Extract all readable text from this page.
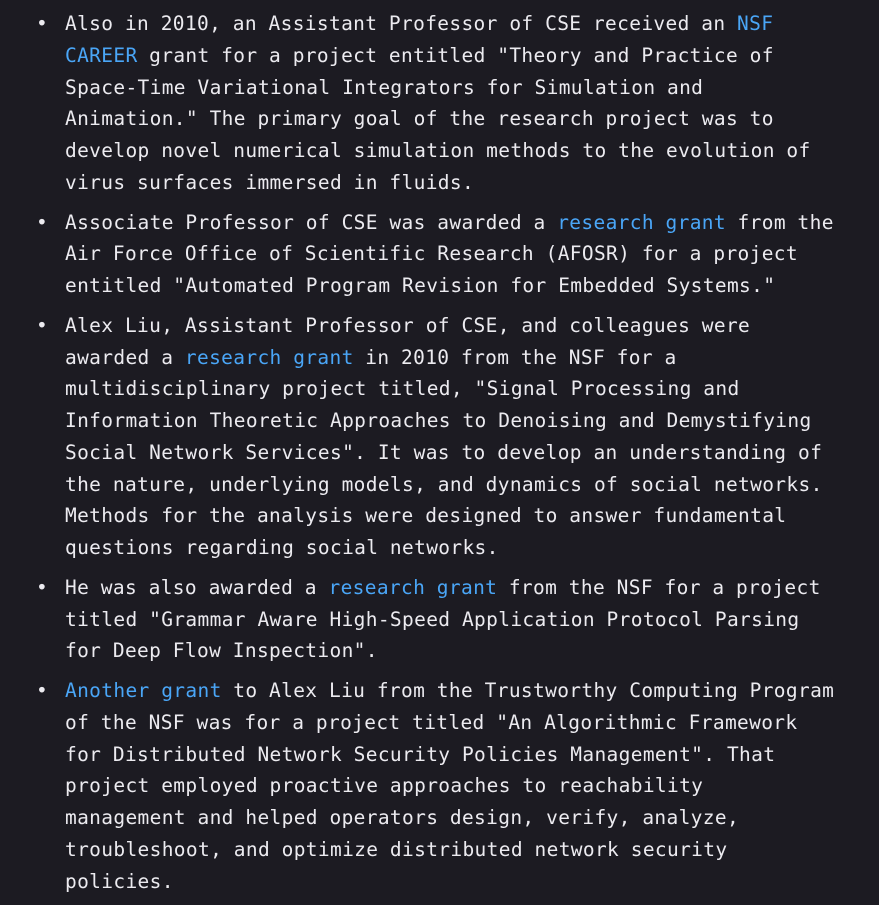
• Also in 2010, an Assistant Professor of CSE received an NSF CAREER grant for a project entitled "Theory and Practice of Space-Time Variational Integrators for Simulation and Animation." The primary goal of the research project was to develop novel numerical simulation methods to the evolution of virus surfaces immersed in fluids.
• Associate Professor of CSE was awarded a research grant from the Air Force Office of Scientific Research (AFOSR) for a project entitled "Automated Program Revision for Embedded Systems."
• Alex Liu, Assistant Professor of CSE, and colleagues were awarded a research grant in 2010 from the NSF for a multidisciplinary project titled, "Signal Processing and Information Theoretic Approaches to Denoising and Demystifying Social Network Services". It was to develop an understanding of the nature, underlying models, and dynamics of social networks. Methods for the analysis were designed to answer fundamental questions regarding social networks.
• He was also awarded a research grant from the NSF for a project titled "Grammar Aware High-Speed Application Protocol Parsing for Deep Flow Inspection".
• Another grant to Alex Liu from the Trustworthy Computing Program of the NSF was for a project titled "An Algorithmic Framework for Distributed Network Security Policies Management". That project employed proactive approaches to reachability management and helped operators design, verify, analyze, troubleshoot, and optimize distributed network security policies.
